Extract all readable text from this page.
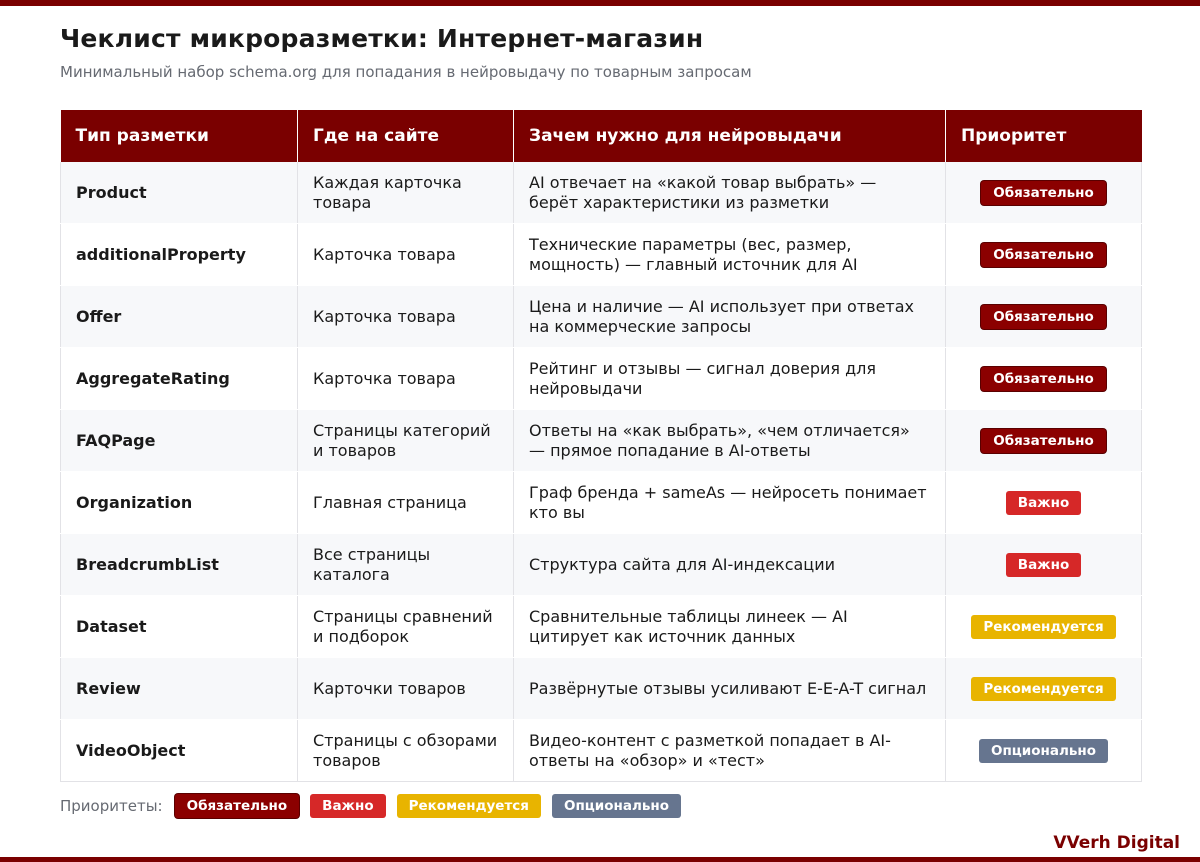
Чеклист микроразметки: Интернет-магазин
Минимальный набор schema.org для попадания в нейровыдачу по товарным запросам
Тип разметки	Где на сайте	Зачем нужно для нейровыдачи	Приоритет
Product	Каждая карточка товара	AI отвечает на «какой товар выбрать» — берёт характеристики из разметки	Обязательно
additionalProperty	Карточка товара	Технические параметры (вес, размер, мощность) — главный источник для AI	Обязательно
Offer	Карточка товара	Цена и наличие — AI использует при ответах на коммерческие запросы	Обязательно
AggregateRating	Карточка товара	Рейтинг и отзывы — сигнал доверия для нейровыдачи	Обязательно
FAQPage	Страницы категорий и товаров	Ответы на «как выбрать», «чем отличается» — прямое попадание в AI-ответы	Обязательно
Organization	Главная страница	Граф бренда + sameAs — нейросеть понимает кто вы	Важно
BreadcrumbList	Все страницы каталога	Структура сайта для AI-индексации	Важно
Dataset	Страницы сравнений и подборок	Сравнительные таблицы линеек — AI цитирует как источник данных	Рекомендуется
Review	Карточки товаров	Развёрнутые отзывы усиливают E-E-A-T сигнал	Рекомендуется
VideoObject	Страницы с обзорами товаров	Видео-контент с разметкой попадает в AI-ответы на «обзор» и «тест»	Опционально
Приоритеты:	Обязательно	Важно	Рекомендуется	Опционально
VVerh Digital
